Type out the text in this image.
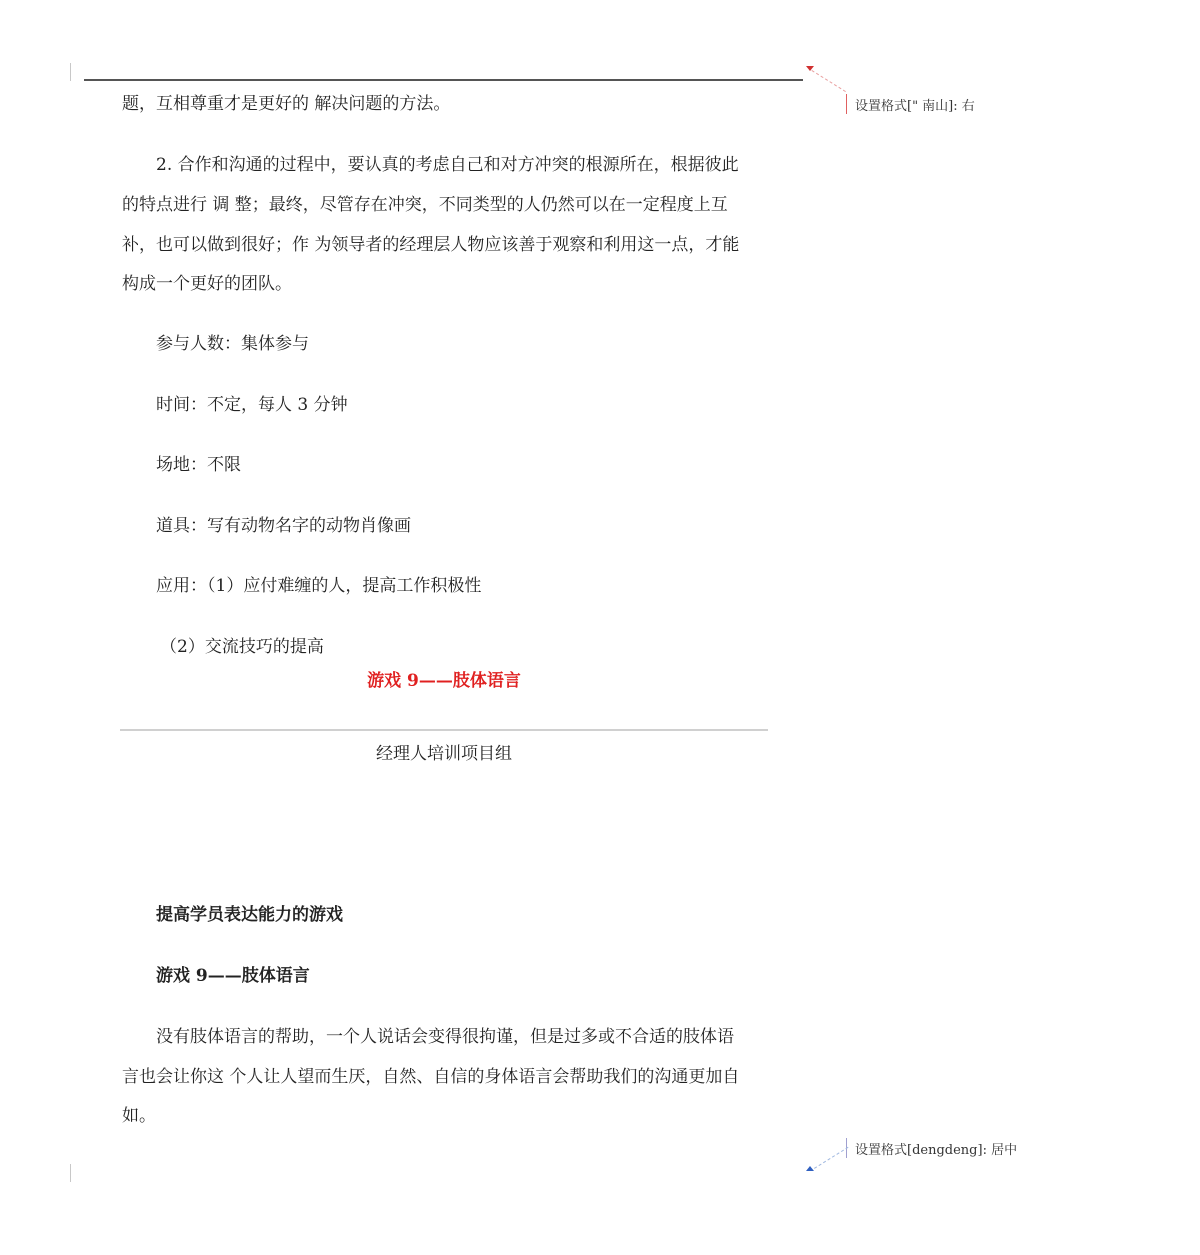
设置格式[" 南山]: 右
题，互相尊重才是更好的 解决问题的方法。
2. 合作和沟通的过程中，要认真的考虑自己和对方冲突的根源所在，根据彼此
的特点进行 调 整；最终，尽管存在冲突，不同类型的人仍然可以在一定程度上互
补，也可以做到很好；作 为领导者的经理层人物应该善于观察和利用这一点，才能
构成一个更好的团队。
参与人数：集体参与
时间：不定，每人 3 分钟
场地：不限
道具：写有动物名字的动物肖像画
应用：（1）应付难缠的人，提高工作积极性
（2）交流技巧的提高
游戏 9——肢体语言
经理人培训项目组
提高学员表达能力的游戏
游戏 9——肢体语言
没有肢体语言的帮助，一个人说话会变得很拘谨，但是过多或不合适的肢体语
言也会让你这 个人让人望而生厌，自然、自信的身体语言会帮助我们的沟通更加自
如。
设置格式[dengdeng]: 居中
